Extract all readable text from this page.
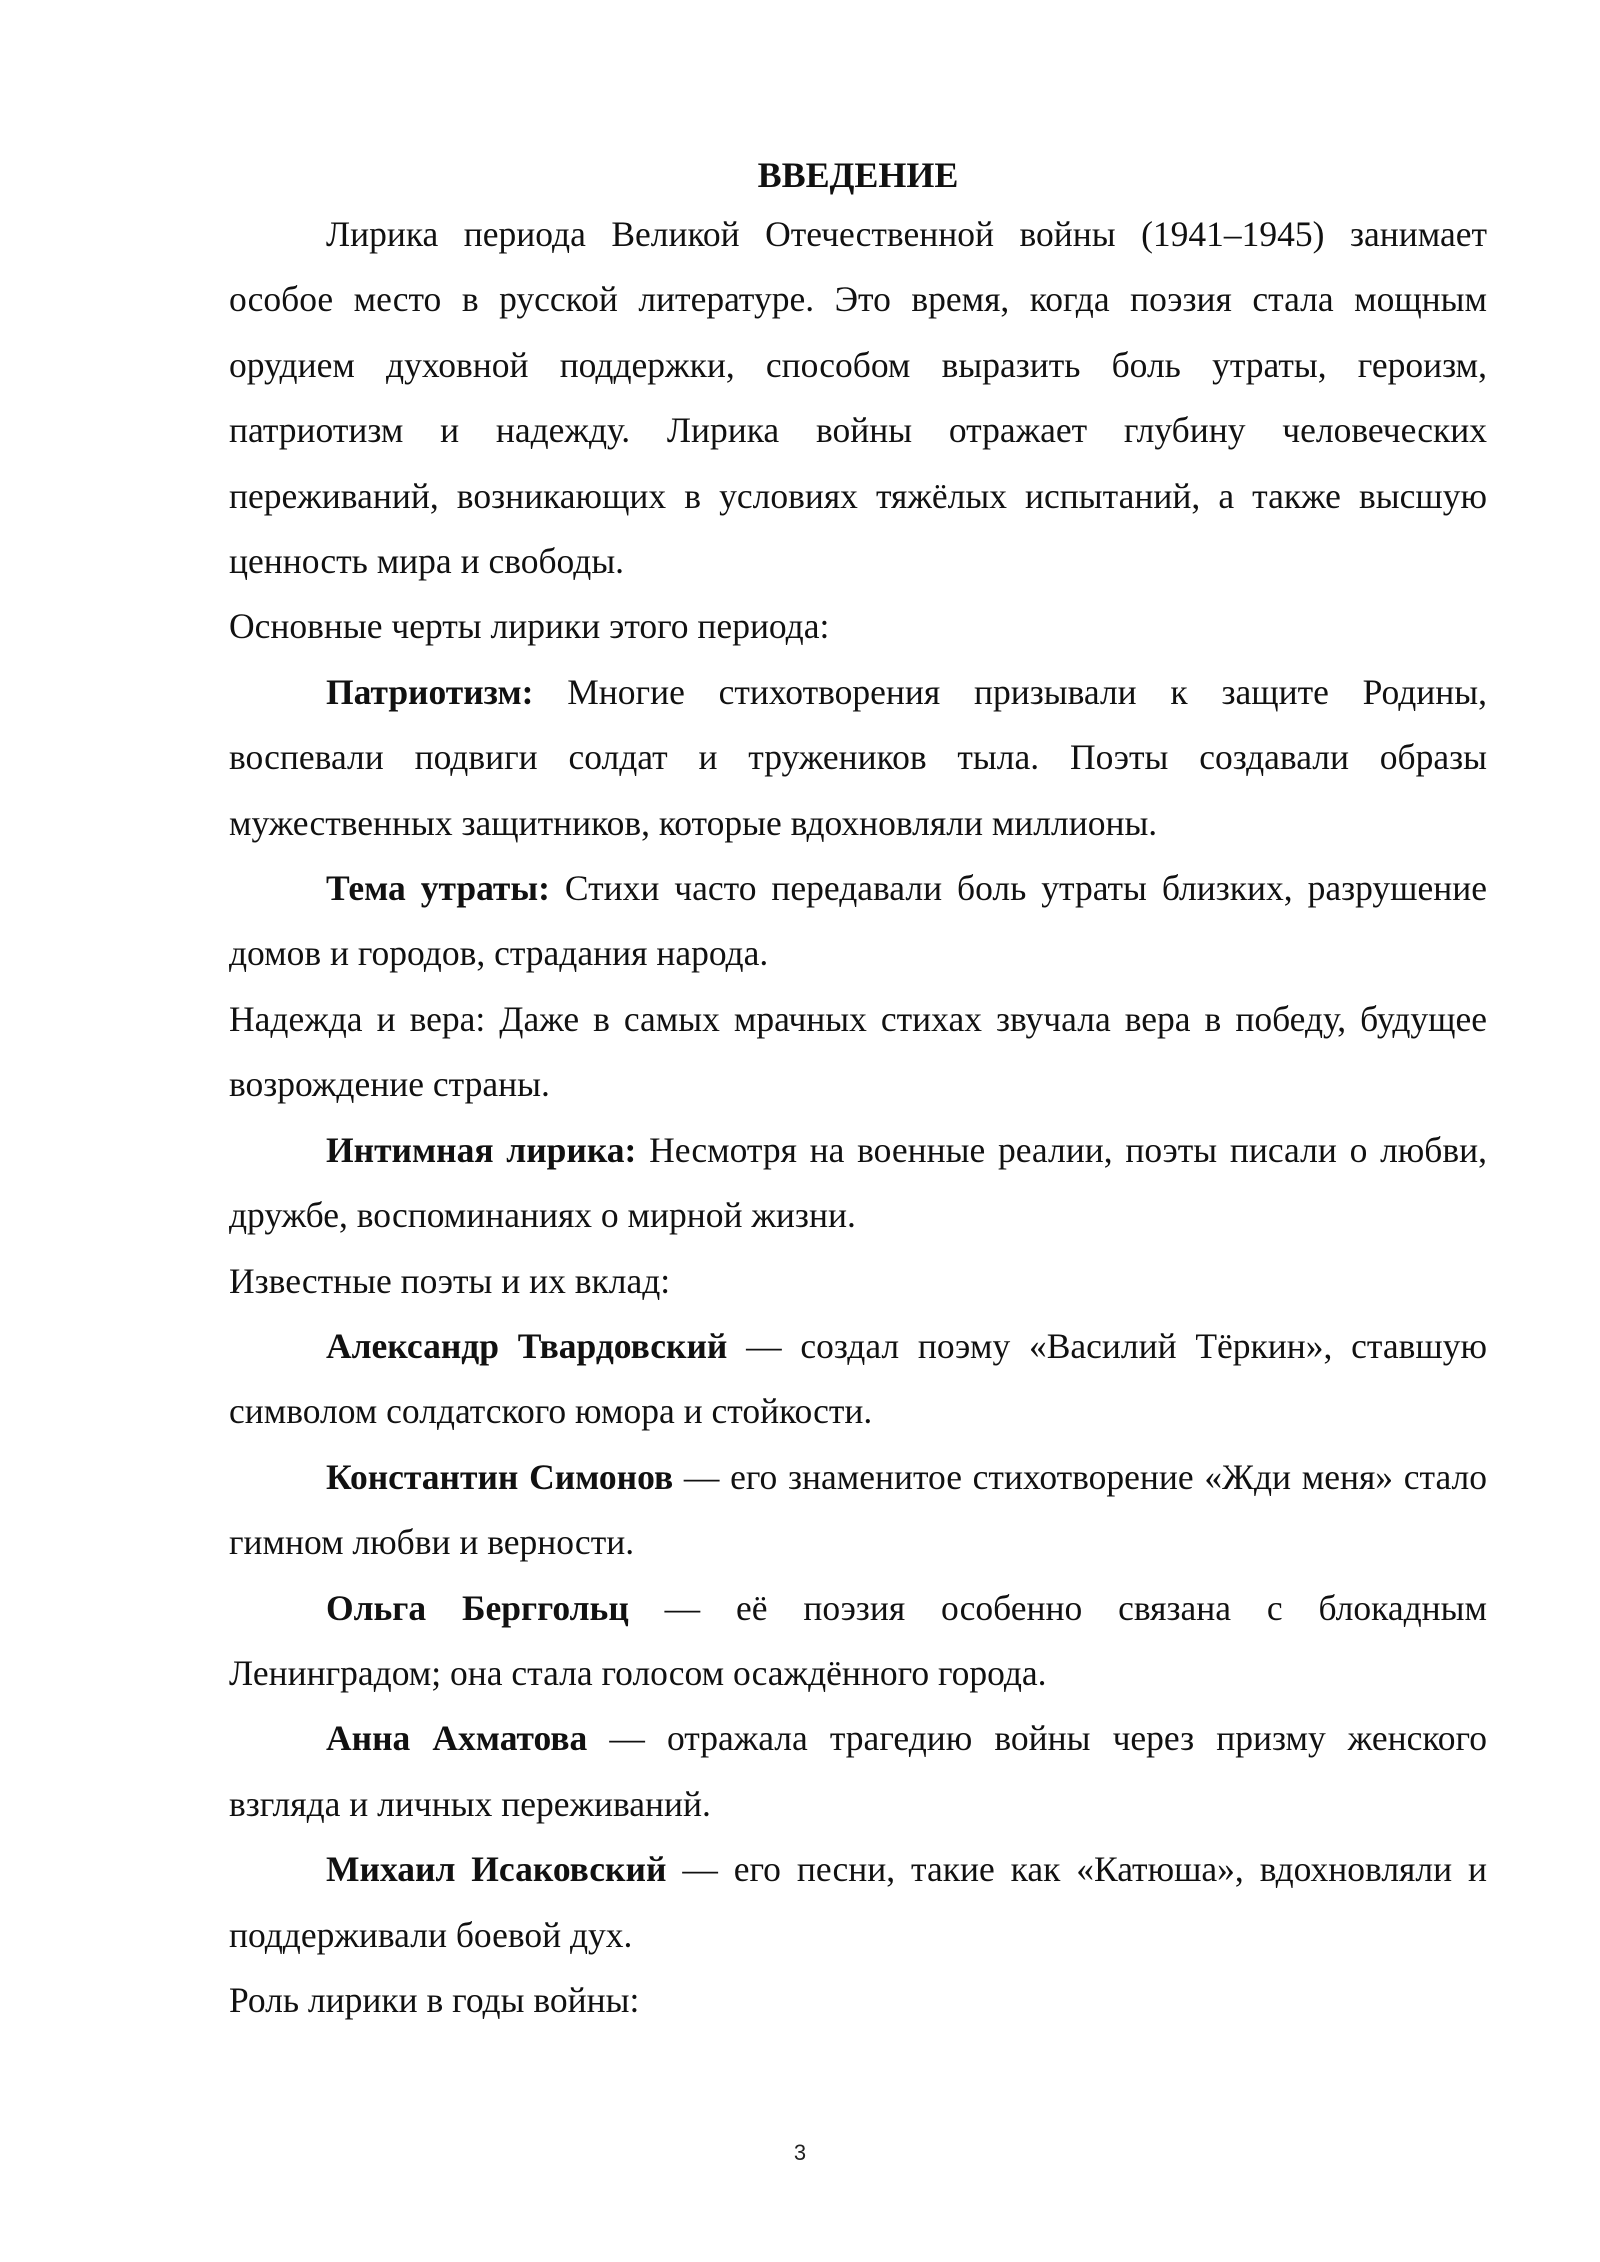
ВВЕДЕНИЕ

Лирика периода Великой Отечественной войны (1941–1945) занимает особое место в русской литературе. Это время, когда поэзия стала мощным орудием духовной поддержки, способом выразить боль утраты, героизм, патриотизм и надежду. Лирика войны отражает глубину человеческих переживаний, возникающих в условиях тяжёлых испытаний, а также высшую ценность мира и свободы.

Основные черты лирики этого периода:

Патриотизм: Многие стихотворения призывали к защите Родины, воспевали подвиги солдат и тружеников тыла. Поэты создавали образы мужественных защитников, которые вдохновляли миллионы.

Тема утраты: Стихи часто передавали боль утраты близких, разрушение домов и городов, страдания народа.

Надежда и вера: Даже в самых мрачных стихах звучала вера в победу, будущее возрождение страны.

Интимная лирика: Несмотря на военные реалии, поэты писали о любви, дружбе, воспоминаниях о мирной жизни.

Известные поэты и их вклад:

Александр Твардовский — создал поэму «Василий Тёркин», ставшую символом солдатского юмора и стойкости.

Константин Симонов — его знаменитое стихотворение «Жди меня» стало гимном любви и верности.

Ольга Берггольц — её поэзия особенно связана с блокадным Ленинградом; она стала голосом осаждённого города.

Анна Ахматова — отражала трагедию войны через призму женского взгляда и личных переживаний.

Михаил Исаковский — его песни, такие как «Катюша», вдохновляли и поддерживали боевой дух.

Роль лирики в годы войны:

3
